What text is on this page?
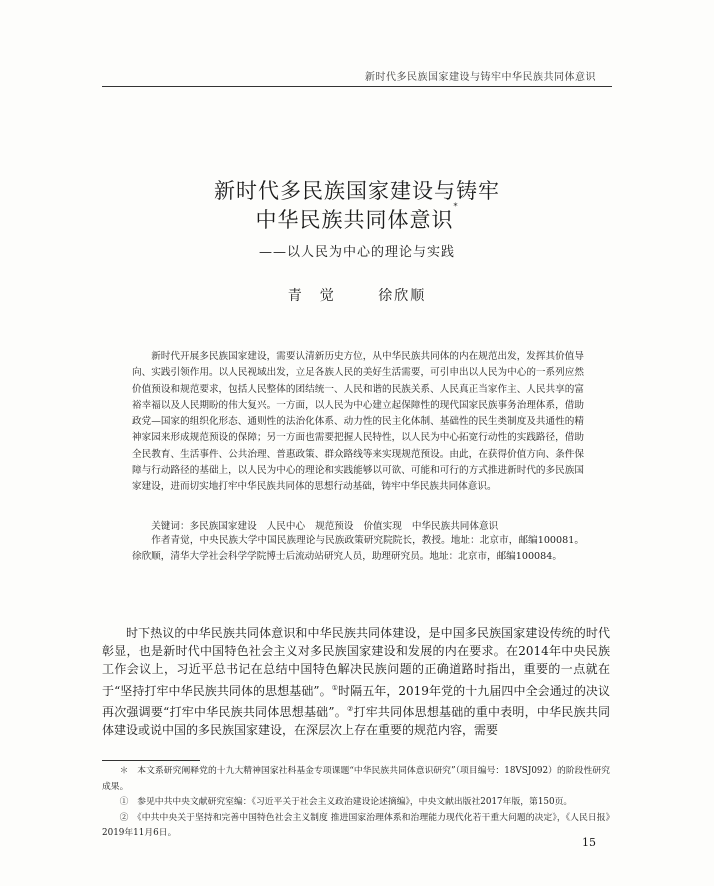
新时代多民族国家建设与铸牢中华民族共同体意识
新时代多民族国家建设与铸牢
中华民族共同体意识*
——以人民为中心的理论与实践
青　觉	徐欣顺
新时代开展多民族国家建设，需要认清新历史方位，从中华民族共同体的内在规范出发，发挥其价值导向、实践引领作用。以人民视域出发，立足各族人民的美好生活需要，可引申出以人民为中心的一系列应然价值预设和规范要求，包括人民整体的团结统一、人民和谐的民族关系、人民真正当家作主、人民共享的富裕幸福以及人民期盼的伟大复兴。一方面，以人民为中心建立起保障性的现代国家民族事务治理体系，借助政党—国家的组织化形态、通则性的法治化体系、动力性的民主化体制、基础性的民生类制度及共通性的精神家园来形成规范预设的保障；另一方面也需要把握人民特性，以人民为中心拓宽行动性的实践路径，借助全民教育、生活事件、公共治理、普惠政策、群众路线等来实现规范预设。由此，在获得价值方向、条件保障与行动路径的基础上，以人民为中心的理论和实践能够以可欲、可能和可行的方式推进新时代的多民族国家建设，进而切实地打牢中华民族共同体的思想行动基础，铸牢中华民族共同体意识。
关键词：多民族国家建设 人民中心 规范预设 价值实现 中华民族共同体意识
作者青觉，中央民族大学中国民族理论与民族政策研究院院长，教授。地址：北京市，邮编100081。徐欣顺，清华大学社会科学学院博士后流动站研究人员，助理研究员。地址：北京市，邮编100084。
时下热议的中华民族共同体意识和中华民族共同体建设，是中国多民族国家建设传统的时代彰显，也是新时代中国特色社会主义对多民族国家建设和发展的内在要求。在2014年中央民族工作会议上，习近平总书记在总结中国特色解决民族问题的正确道路时指出，重要的一点就在于“坚持打牢中华民族共同体的思想基础”。①时隔五年，2019年党的十九届四中全会通过的决议再次强调要“打牢中华民族共同体思想基础”。②打牢共同体思想基础的重中表明，中华民族共同体建设或说中国的多民族国家建设，在深层次上存在重要的规范内容，需要

＊　本文系研究阐释党的十九大精神国家社科基金专项课题“中华民族共同体意识研究”（项目编号：18VSJ092）的阶段性研究成果。

①　参见中共中央文献研究室编：《习近平关于社会主义政治建设论述摘编》，中央文献出版社2017年版，第150页。

②　《中共中央关于坚持和完善中国特色社会主义制度 推进国家治理体系和治理能力现代化若干重大问题的决定》，《人民日报》2019年11月6日。

15
